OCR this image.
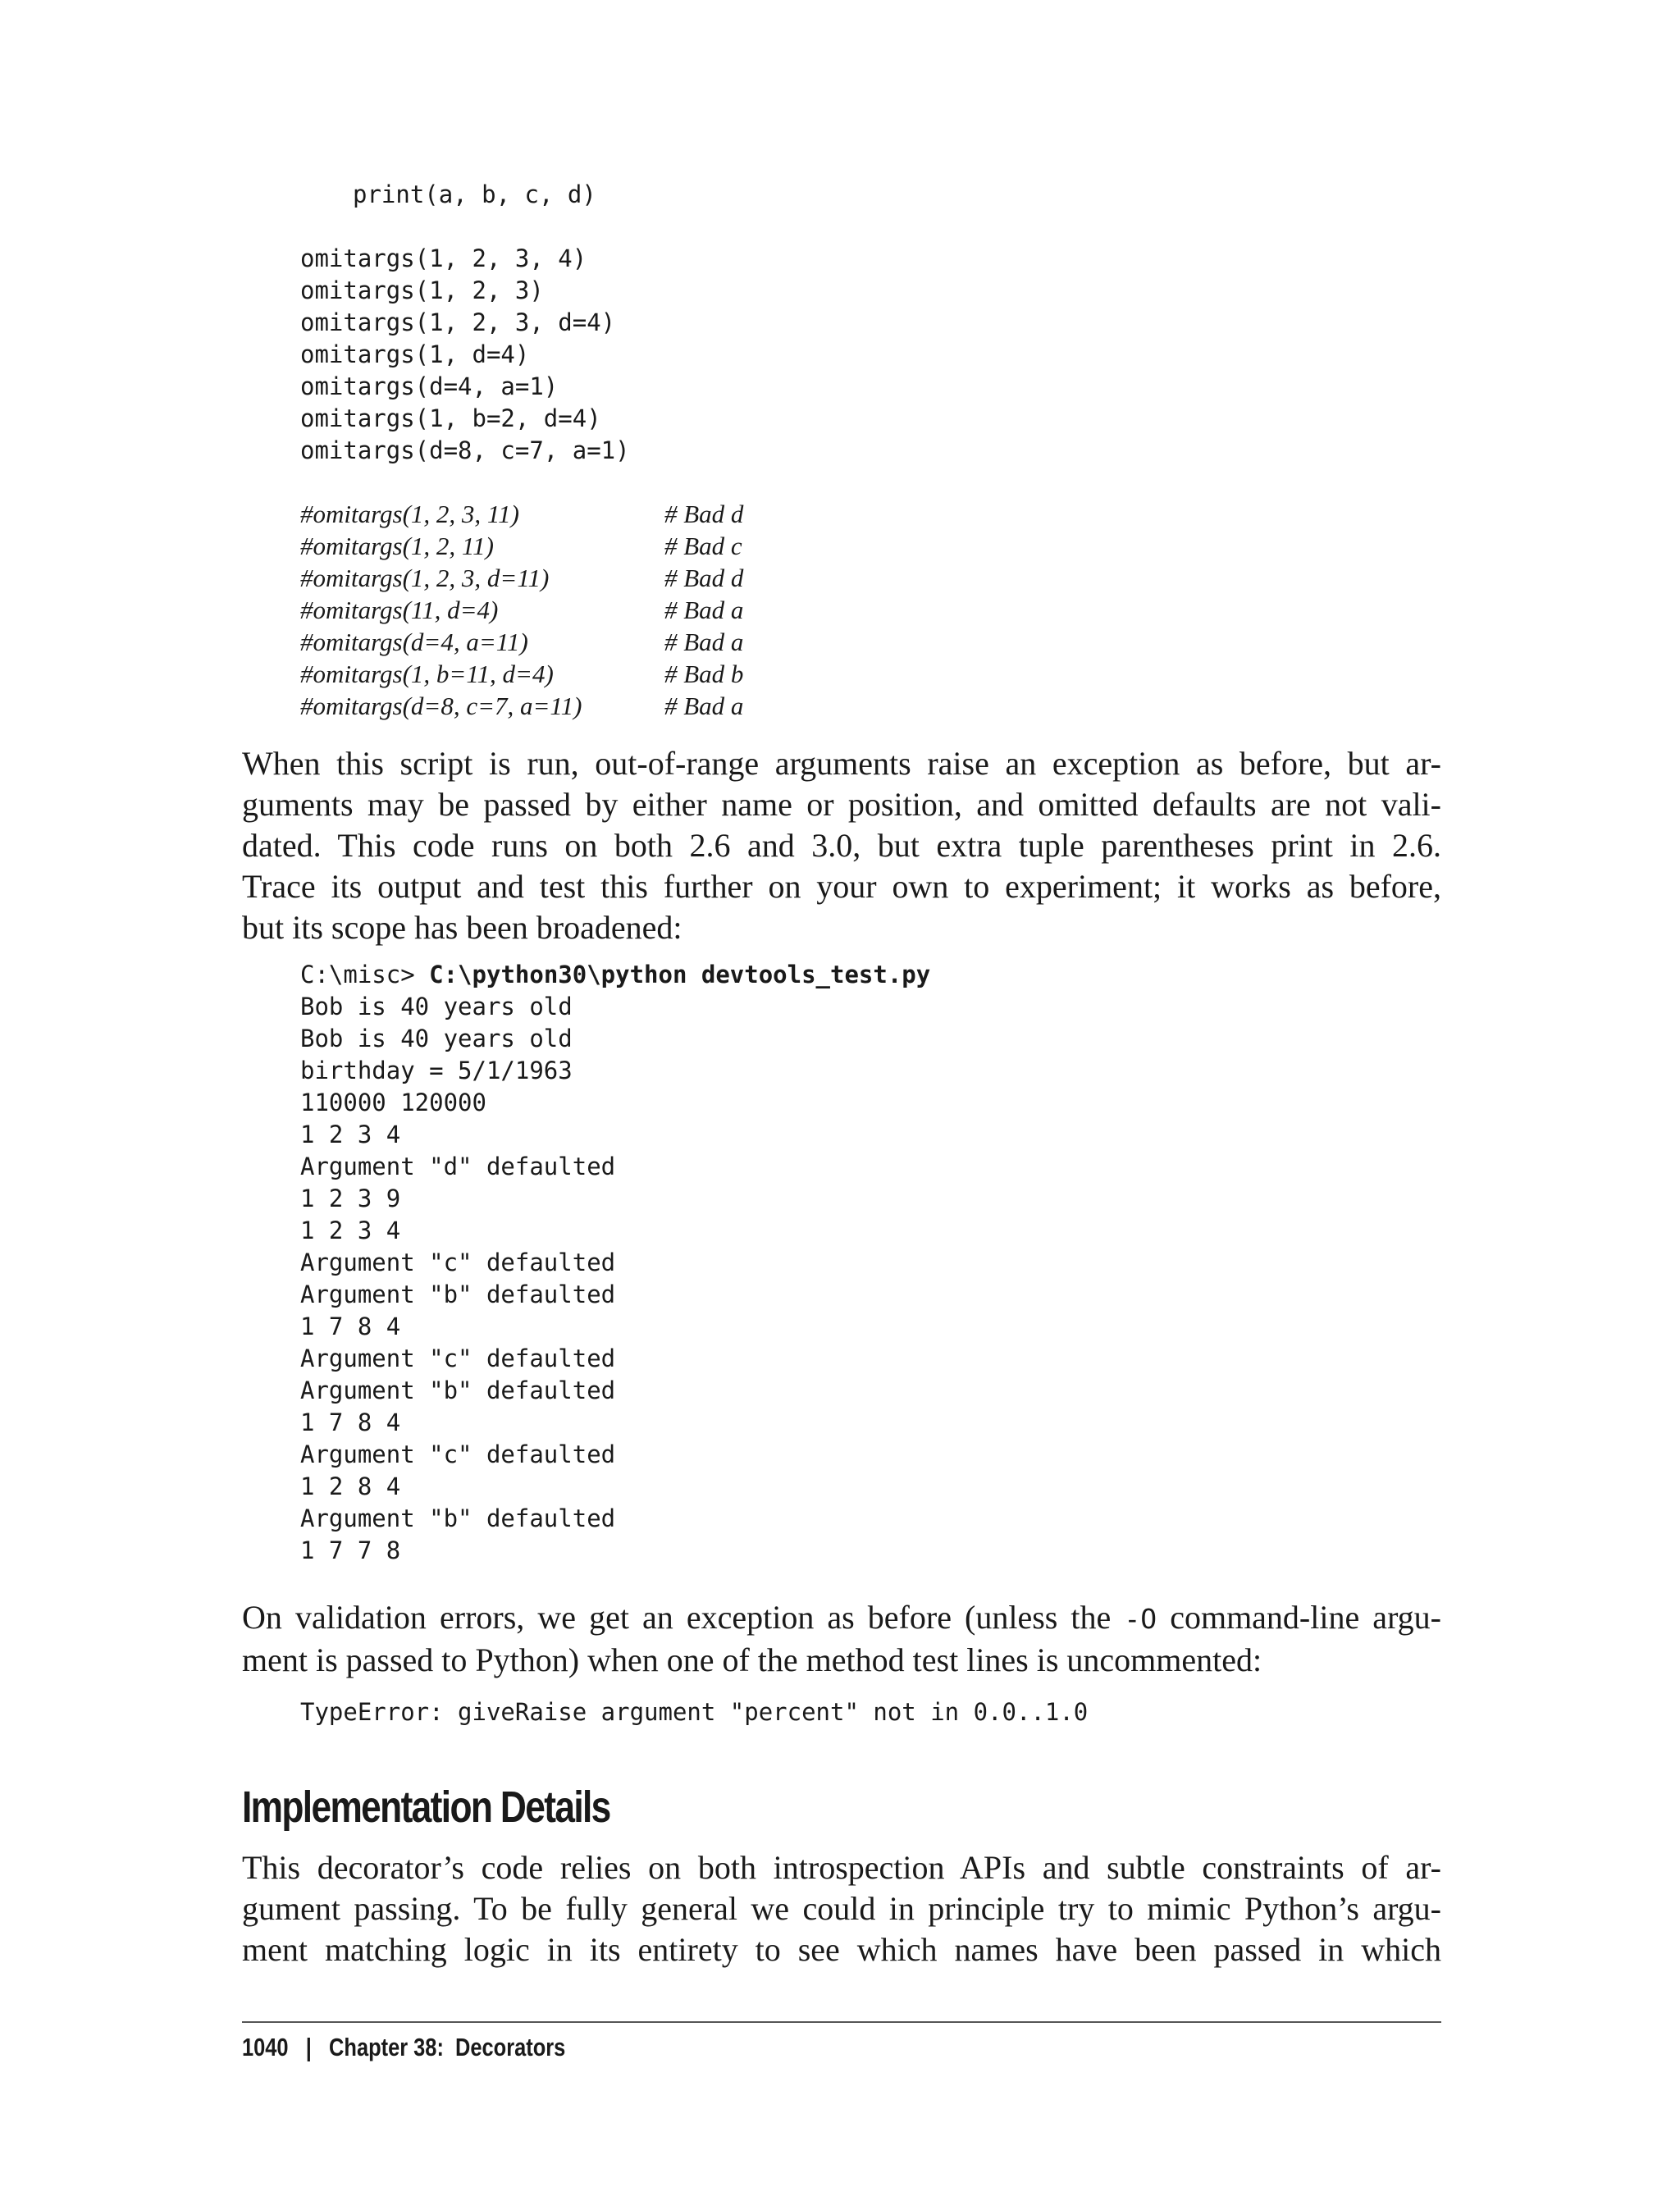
print(a, b, c, d)
omitargs(1, 2, 3, 4)
omitargs(1, 2, 3)
omitargs(1, 2, 3, d=4)
omitargs(1, d=4)
omitargs(d=4, a=1)
omitargs(1, b=2, d=4)
omitargs(d=8, c=7, a=1)
#omitargs(1, 2, 3, 11)	# Bad d
#omitargs(1, 2, 11)	# Bad c
#omitargs(1, 2, 3, d=11)	# Bad d
#omitargs(11, d=4)	# Bad a
#omitargs(d=4, a=11)	# Bad a
#omitargs(1, b=11, d=4)	# Bad b
#omitargs(d=8, c=7, a=11)	# Bad a

When this script is run, out-of-range arguments raise an exception as before, but ar-
guments may be passed by either name or position, and omitted defaults are not vali-
dated. This code runs on both 2.6 and 3.0, but extra tuple parentheses print in 2.6.
Trace its output and test this further on your own to experiment; it works as before,
but its scope has been broadened:

C:\misc> C:\python30\python devtools_test.py
Bob is 40 years old
Bob is 40 years old
birthday = 5/1/1963
110000 120000
1 2 3 4
Argument "d" defaulted
1 2 3 9
1 2 3 4
Argument "c" defaulted
Argument "b" defaulted
1 7 8 4
Argument "c" defaulted
Argument "b" defaulted
1 7 8 4
Argument "c" defaulted
1 2 8 4
Argument "b" defaulted
1 7 7 8

On validation errors, we get an exception as before (unless the -O command-line argu-
ment is passed to Python) when one of the method test lines is uncommented:

TypeError: giveRaise argument "percent" not in 0.0..1.0
Implementation Details

This decorator’s code relies on both introspection APIs and subtle constraints of ar-
gument passing. To be fully general we could in principle try to mimic Python’s argu-
ment matching logic in its entirety to see which names have been passed in which

1040 | Chapter 38:  Decorators
